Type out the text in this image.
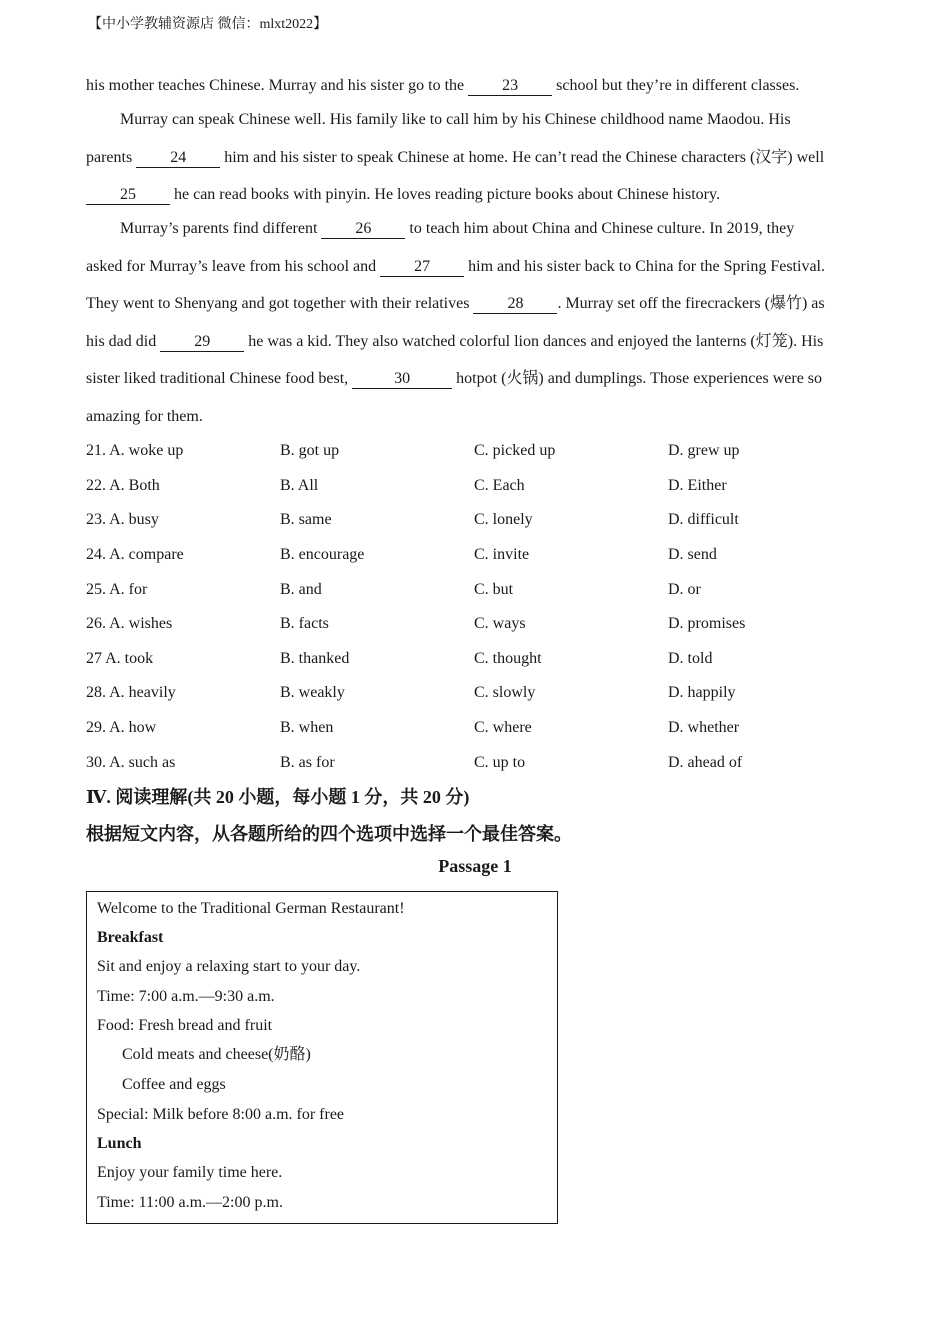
【中小学教辅资源店 微信：mlxt2022】
his mother teaches Chinese. Murray and his sister go to the 23 school but they’re in different classes.
Murray can speak Chinese well. His family like to call him by his Chinese childhood name Maodou. His
parents 24 him and his sister to speak Chinese at home. He can’t read the Chinese characters (汉字) well
25 he can read books with pinyin. He loves reading picture books about Chinese history.
Murray’s parents find different 26 to teach him about China and Chinese culture. In 2019, they
asked for Murray’s leave from his school and 27 him and his sister back to China for the Spring Festival.
They went to Shenyang and got together with their relatives 28 . Murray set off the firecrackers (爆竹) as
his dad did 29 he was a kid. They also watched colorful lion dances and enjoyed the lanterns (灯笼). His
sister liked traditional Chinese food best,	30	hotpot (火锅) and dumplings. Those experiences were so
amazing for them.
21. A. woke up	B. got up	C. picked up	D. grew up
22. A. Both	B. All	C. Each	D. Either
23. A. busy	B. same	C. lonely	D. difficult
24. A. compare	B. encourage	C. invite	D. send
25. A. for	B. and	C. but	D. or
26. A. wishes	B. facts	C. ways	D. promises
27 A. took	B. thanked	C. thought	D. told
28. A. heavily	B. weakly	C. slowly	D. happily
29. A. how	B. when	C. where	D. whether
30. A. such as	B. as for	C. up to	D. ahead of
Ⅳ. 阅读理解(共 20 小题，每小题 1 分，共 20 分)
根据短文内容，从各题所给的四个选项中选择一个最佳答案。
Passage 1
Welcome to the Traditional German Restaurant!
Breakfast
Sit and enjoy a relaxing start to your day.
Time: 7:00 a.m.—9:30 a.m.
Food: Fresh bread and fruit
Cold meats and cheese(奶酪)
Coffee and eggs
Special: Milk before 8:00 a.m. for free
Lunch
Enjoy your family time here.
Time: 11:00 a.m.—2:00 p.m.
